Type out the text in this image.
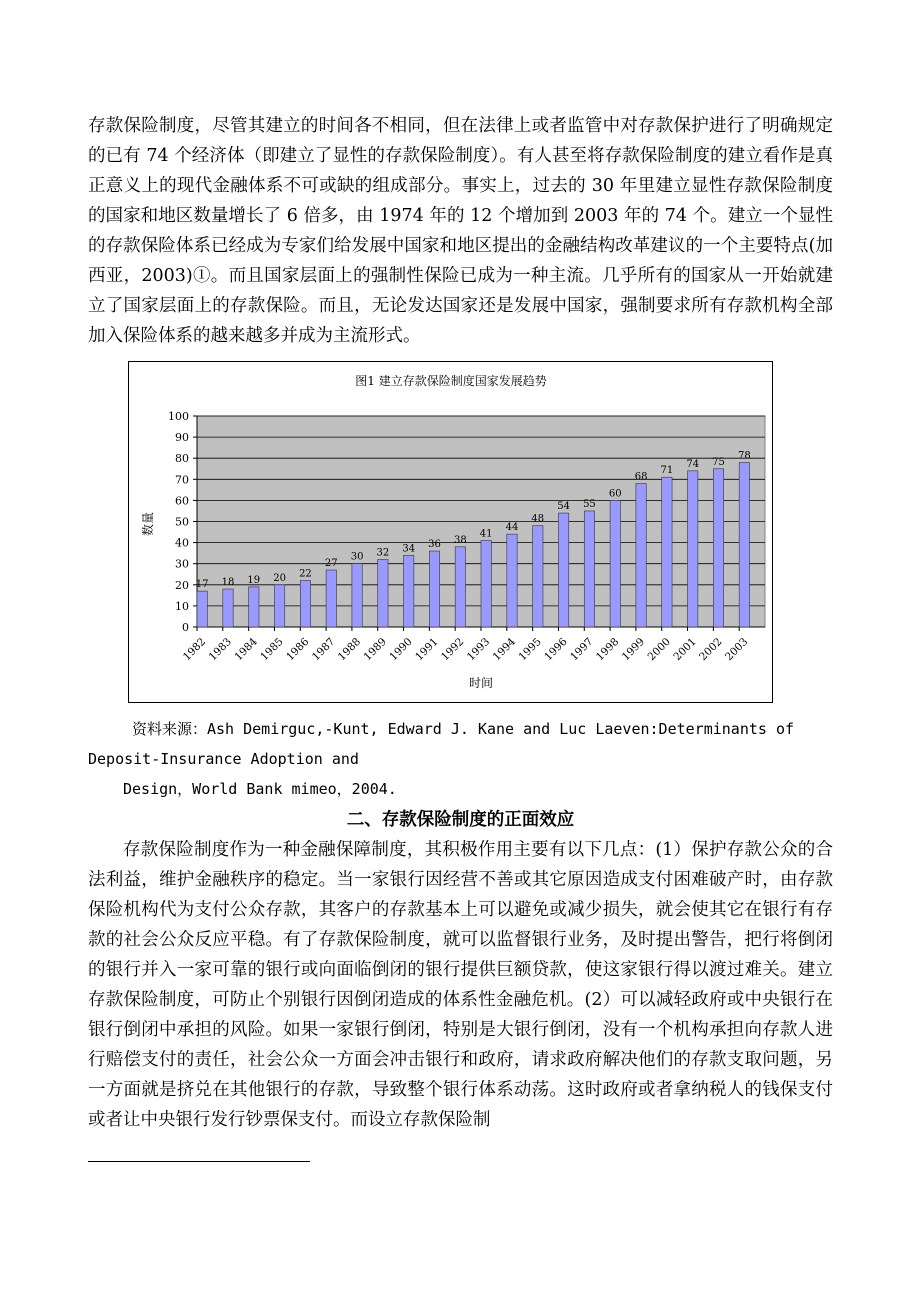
存款保险制度，尽管其建立的时间各不相同，但在法律上或者监管中对存款保护进行了明确规定的已有 74 个经济体（即建立了显性的存款保险制度）。有人甚至将存款保险制度的建立看作是真正意义上的现代金融体系不可或缺的组成部分。事实上，过去的 30 年里建立显性存款保险制度的国家和地区数量增长了 6 倍多，由 1974 年的 12 个增加到 2003 年的 74 个。建立一个显性的存款保险体系已经成为专家们给发展中国家和地区提出的金融结构改革建议的一个主要特点(加西亚，2003)①。而且国家层面上的强制性保险已成为一种主流。几乎所有的国家从一开始就建立了国家层面上的存款保险。而且，无论发达国家还是发展中国家，强制要求所有存款机构全部加入保险体系的越来越多并成为主流形式。

图1 建立存款保险制度国家发展趋势
0
10
20
30
40
50
60
70
80
90
100
17
1982
18
1983
19
1984
20
1985
22
1986
27
1987
30
1988
32
1989
34
1990
36
1991
38
1992
41
1993
44
1994
48
1995
54
1996
55
1997
60
1998
68
1999
71
2000
74
2001
75
2002
78
2003
时间
数量

资料来源：Ash Demirguc,-Kunt, Edward J. Kane and Luc Laeven:Determinants of Deposit-Insurance Adoption and

Design，World Bank mimeo，2004.

二、存款保险制度的正面效应

存款保险制度作为一种金融保障制度，其积极作用主要有以下几点：(1）保护存款公众的合法利益，维护金融秩序的稳定。当一家银行因经营不善或其它原因造成支付困难破产时，由存款保险机构代为支付公众存款，其客户的存款基本上可以避免或减少损失，就会使其它在银行有存款的社会公众反应平稳。有了存款保险制度，就可以监督银行业务，及时提出警告，把行将倒闭的银行并入一家可靠的银行或向面临倒闭的银行提供巨额贷款，使这家银行得以渡过难关。建立存款保险制度，可防止个别银行因倒闭造成的体系性金融危机。(2）可以减轻政府或中央银行在银行倒闭中承担的风险。如果一家银行倒闭，特别是大银行倒闭，没有一个机构承担向存款人进行赔偿支付的责任，社会公众一方面会冲击银行和政府，请求政府解决他们的存款支取问题，另一方面就是挤兑在其他银行的存款，导致整个银行体系动荡。这时政府或者拿纳税人的钱保支付或者让中央银行发行钞票保支付。而设立存款保险制
